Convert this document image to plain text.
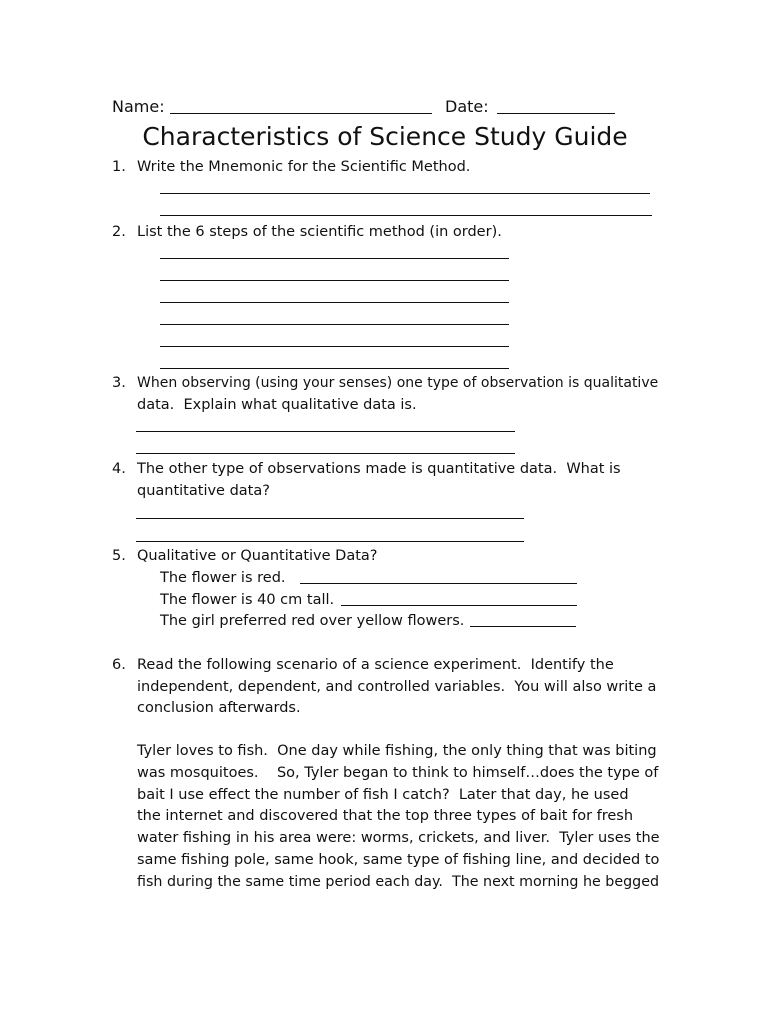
Name:	Date:
Characteristics of Science Study Guide
1. Write the Mnemonic for the Scientific Method.
2. List the 6 steps of the scientific method (in order).
3. When observing (using your senses) one type of observation is qualitative
data.  Explain what qualitative data is.
4. The other type of observations made is quantitative data.  What is
quantitative data?
5. Qualitative or Quantitative Data?
The flower is red.
The flower is 40 cm tall.
The girl preferred red over yellow flowers.
6. Read the following scenario of a science experiment.  Identify the
independent, dependent, and controlled variables.  You will also write a
conclusion afterwards.
Tyler loves to fish.  One day while fishing, the only thing that was biting
was mosquitoes.    So, Tyler began to think to himself…does the type of
bait I use effect the number of fish I catch?  Later that day, he used
the internet and discovered that the top three types of bait for fresh
water fishing in his area were: worms, crickets, and liver.  Tyler uses the
same fishing pole, same hook, same type of fishing line, and decided to
fish during the same time period each day.  The next morning he begged
